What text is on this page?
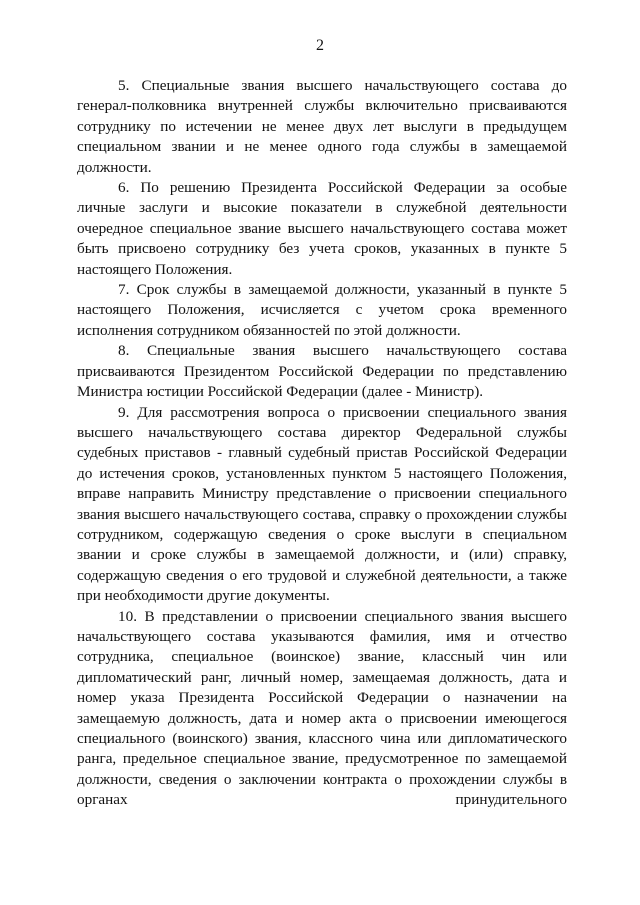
2

5. Специальные звания высшего начальствующего состава до генерал-полковника внутренней службы включительно присваиваются сотруднику по истечении не менее двух лет выслуги в предыдущем специальном звании и не менее одного года службы в замещаемой должности.

6. По решению Президента Российской Федерации за особые личные заслуги и высокие показатели в служебной деятельности очередное специальное звание высшего начальствующего состава может быть присвоено сотруднику без учета сроков, указанных в пункте 5 настоящего Положения.

7. Срок службы в замещаемой должности, указанный в пункте 5 настоящего Положения, исчисляется с учетом срока временного исполнения сотрудником обязанностей по этой должности.

8. Специальные звания высшего начальствующего состава присваиваются Президентом Российской Федерации по представлению Министра юстиции Российской Федерации (далее - Министр).

9. Для рассмотрения вопроса о присвоении специального звания высшего начальствующего состава директор Федеральной службы судебных приставов - главный судебный пристав Российской Федерации до истечения сроков, установленных пунктом 5 настоящего Положения, вправе направить Министру представление о присвоении специального звания высшего начальствующего состава, справку о прохождении службы сотрудником, содержащую сведения о сроке выслуги в специальном звании и сроке службы в замещаемой должности, и (или) справку, содержащую сведения о его трудовой и служебной деятельности, а также при необходимости другие документы.

10. В представлении о присвоении специального звания высшего начальствующего состава указываются фамилия, имя и отчество сотрудника, специальное (воинское) звание, классный чин или дипломатический ранг, личный номер, замещаемая должность, дата и номер указа Президента Российской Федерации о назначении на замещаемую должность, дата и номер акта о присвоении имеющегося специального (воинского) звания, классного чина или дипломатического ранга, предельное специальное звание, предусмотренное по замещаемой должности, сведения о заключении контракта о прохождении службы в органах принудительного
